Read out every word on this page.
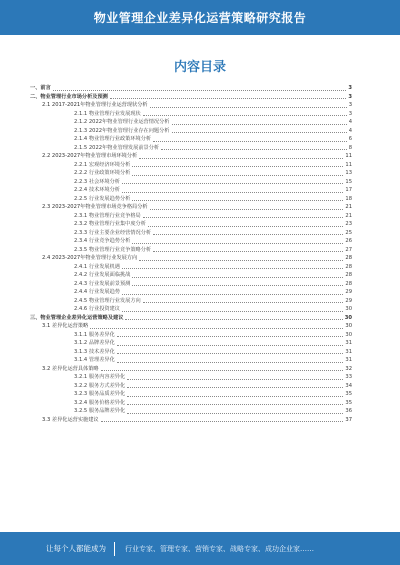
物业管理企业差异化运营策略研究报告
内容目录
一、前言	3
二、物业管理行业市场分析及预测	3
2.1 2017-2021年物业管理行业运营现状分析	3
2.1.1 物业管理行业发展现状	3
2.1.2 2022年物业管理行业运营情况分析	4
2.1.3 2022年物业管理行业存在问题分析	4
2.1.4 物业管理行业政策环境分析	6
2.1.5 2022年物业管理发展前景分析	8
2.2 2023-2027年物业管理市场环境分析	11
2.2.1 宏观经济环境分析	11
2.2.2 行业政策环境分析	13
2.2.3 社会环境分析	15
2.2.4 技术环境分析	17
2.2.5 行业发展趋势分析	18
2.3 2023-2027年物业管理市场竞争格局分析	21
2.3.1 物业管理行业竞争格局	21
2.3.2 物业管理行业集中度分析	23
2.3.3 行业主要企业经营情况分析	25
2.3.4 行业竞争趋势分析	26
2.3.5 物业管理行业竞争策略分析	27
2.4 2023-2027年物业管理行业发展方向	28
2.4.1 行业发展机遇	28
2.4.2 行业发展面临挑战	28
2.4.3 行业发展前景预测	28
2.4.4 行业发展趋势	29
2.4.5 物业管理行业发展方向	29
2.4.6 行业投资建议	30
三、物业管理企业差异化运营策略及建议	30
3.1 差异化运营策略	30
3.1.1 服务差异化	30
3.1.2 品牌差异化	31
3.1.3 技术差异化	31
3.1.4 管理差异化	31
3.2 差异化运营具体策略	32
3.2.1 服务内容差异化	33
3.2.2 服务方式差异化	34
3.2.3 服务品质差异化	35
3.2.4 服务价格差异化	35
3.2.5 服务品牌差异化	36
3.3 差异化运营实施建议	37
让每个人都能成为	行业专家、管理专家、营销专家、战略专家、成功企业家……
